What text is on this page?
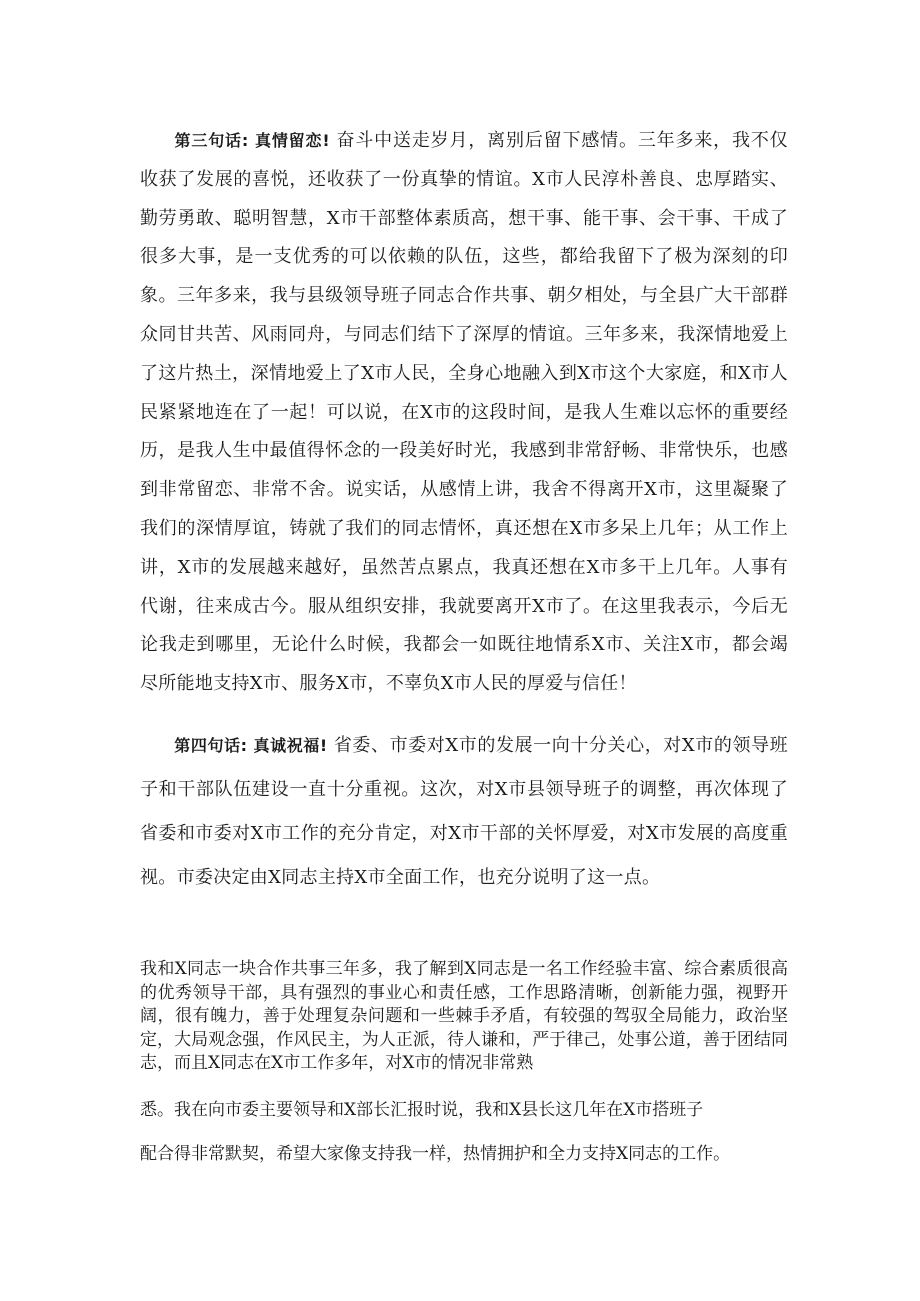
第三句话: 真情留恋! 奋斗中送走岁月，离别后留下感情。三年多来，我不仅收获了发展的喜悦，还收获了一份真挚的情谊。X市人民淳朴善良、忠厚踏实、勤劳勇敢、聪明智慧，X市干部整体素质高，想干事、能干事、会干事、干成了很多大事，是一支优秀的可以依赖的队伍，这些，都给我留下了极为深刻的印象。三年多来，我与县级领导班子同志合作共事、朝夕相处，与全县广大干部群众同甘共苦、风雨同舟，与同志们结下了深厚的情谊。三年多来，我深情地爱上了这片热土，深情地爱上了X市人民，全身心地融入到X市这个大家庭，和X市人民紧紧地连在了一起！可以说，在X市的这段时间，是我人生难以忘怀的重要经历，是我人生中最值得怀念的一段美好时光，我感到非常舒畅、非常快乐，也感到非常留恋、非常不舍。说实话，从感情上讲，我舍不得离开X市，这里凝聚了我们的深情厚谊，铸就了我们的同志情怀，真还想在X市多呆上几年；从工作上讲，X市的发展越来越好，虽然苦点累点，我真还想在X市多干上几年。人事有代谢，往来成古今。服从组织安排，我就要离开X市了。在这里我表示，今后无论我走到哪里，无论什么时候，我都会一如既往地情系X市、关注X市，都会竭尽所能地支持X市、服务X市，不辜负X市人民的厚爱与信任！

第四句话: 真诚祝福! 省委、市委对X市的发展一向十分关心，对X市的领导班子和干部队伍建设一直十分重视。这次，对X市县领导班子的调整，再次体现了省委和市委对X市工作的充分肯定，对X市干部的关怀厚爱，对X市发展的高度重视。市委决定由X同志主持X市全面工作，也充分说明了这一点。

我和X同志一块合作共事三年多，我了解到X同志是一名工作经验丰富、综合素质很高的优秀领导干部，具有强烈的事业心和责任感，工作思路清晰，创新能力强，视野开阔，很有魄力，善于处理复杂问题和一些棘手矛盾，有较强的驾驭全局能力，政治坚定，大局观念强，作风民主，为人正派，待人谦和，严于律己，处事公道，善于团结同志，而且X同志在X市工作多年，对X市的情况非常熟

悉。我在向市委主要领导和X部长汇报时说，我和X县长这几年在X市搭班子

配合得非常默契，希望大家像支持我一样，热情拥护和全力支持X同志的工作。
